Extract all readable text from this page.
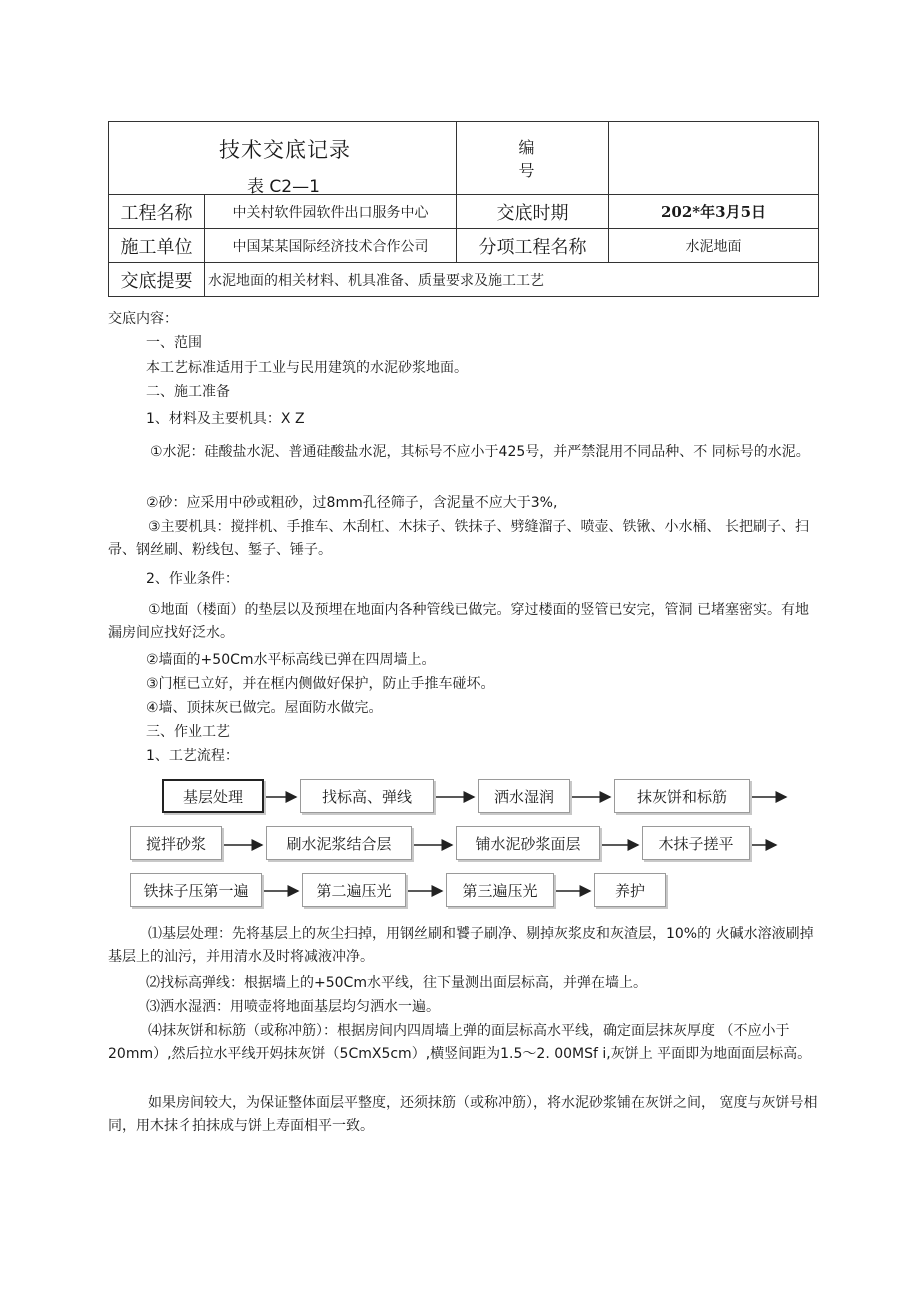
技术交底记录
表 C2—1		编号	
工程名称	中关村软件园软件出口服务中心	交底时期	202*年3月5日
施工单位	中国某某国际经济技术合作公司	分项工程名称	水泥地面
交底提要	水泥地面的相关材料、机具准备、质量要求及施工工艺		
交底内容：
一、范围
本工艺标准适用于工业与民用建筑的水泥砂浆地面。
二、施工准备
1、材料及主要机具：X Z
①水泥：硅酸盐水泥、普通硅酸盐水泥，其标号不应小于425号，并严禁混用不同品种、不 同标号的水泥。
②砂：应采用中砂或粗砂，过8mm孔径筛子，含泥量不应大于3%,
③主要机具：搅拌机、手推车、木刮杠、木抹子、铁抹子、劈缝溜子、喷壶、铁锹、小水桶、 长把刷子、扫帚、钢丝刷、粉线包、錾子、锤子。
2、作业条件：
①地面（楼面）的垫层以及预埋在地面内各种管线已做完。穿过楼面的竖管已安完，管洞 已堵塞密实。有地漏房间应找好泛水。
②墙面的+50Cm水平标高线已弹在四周墙上。
③门框已立好，并在框内侧做好保护，防止手推车碰坏。
④墙、顶抹灰已做完。屋面防水做完。
三、作业工艺
1、工艺流程：
基层处理	找标高、弹线	洒水湿润	抹灰饼和标筋
搅拌砂浆	刷水泥浆结合层	铺水泥砂浆面层	木抹子搓平
铁抹子压第一遍	第二遍压光	第三遍压光	养护
⑴基层处理：先将基层上的灰尘扫掉，用钢丝刷和饕子刷净、剔掉灰浆皮和灰渣层，10%的 火碱水溶液刷掉基层上的汕污，并用清水及时将减液冲净。
⑵找标高弹线：根据墙上的+50Cm水平线，往下量测出面层标高，并弹在墙上。
⑶洒水湿洒：用喷壶将地面基层均匀洒水一遍。
⑷抹灰饼和标筋（或称冲筋）：根据房间内四周墙上弹的面层标高水平线，确定面层抹灰厚度 （不应小于20mm）,然后拉水平线开妈抹灰饼（5CmX5cm）,横竖间距为1.5～2. 00MSf i,灰饼上 平面即为地面面层标高。
如果房间较大，为保证整体面层平整度，还须抹筋（或称冲筋），将水泥砂浆铺在灰饼之间， 宽度与灰饼号相同，用木抹彳拍抹成与饼上寿面相平一致。
